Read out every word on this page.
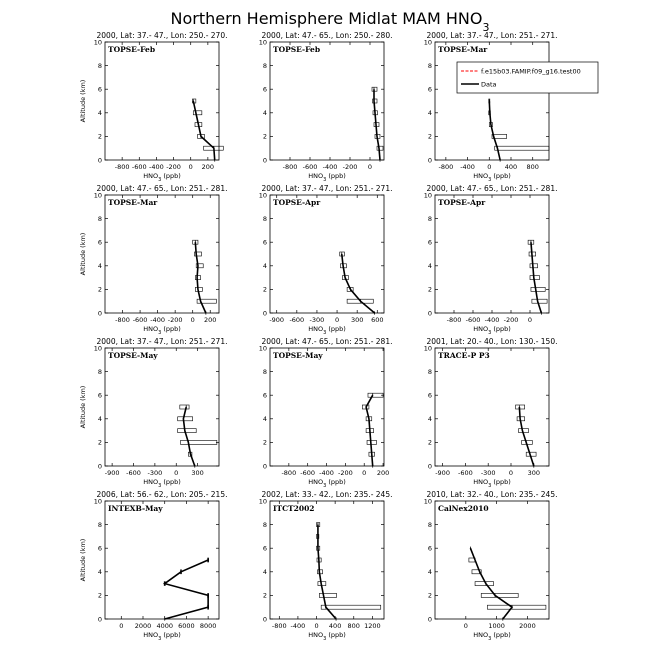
Northern Hemisphere Midlat MAM $HNO_3$
2000, Lat: 37.- 47., Lon: 250.- 270.
TOPSE-Feb
0
2
4
6
8
10
-800 -600 -400 -200 0 200
$HNO_3$ (ppb)
Altitude (km)
2000, Lat: 47.- 65., Lon: 250.- 280.
TOPSE-Feb
0
2
4
6
8
10
-800 -600 -400 -200 0
$HNO_3$ (ppb)
2000, Lat: 37.- 47., Lon: 251.- 271.
TOPSE-Mar
0
2
4
6
8
10
-800 -400 0 400 800
$HNO_3$ (ppb)
f.e15b03.FAMIP.f09_g16.test00
Data
2000, Lat: 47.- 65., Lon: 251.- 281.
TOPSE-Mar
0
2
4
6
8
10
-800 -600 -400 -200 0 200
$HNO_3$ (ppb)
Altitude (km)
2000, Lat: 37.- 47., Lon: 251.- 271.
TOPSE-Apr
0
2
4
6
8
10
-900 -600 -300 0 300 600
$HNO_3$ (ppb)
2000, Lat: 47.- 65., Lon: 251.- 281.
TOPSE-Apr
0
2
4
6
8
10
-800 -600 -400 -200 0
$HNO_3$ (ppb)
2000, Lat: 37.- 47., Lon: 251.- 271.
TOPSE-May
0
2
4
6
8
10
-900 -600 -300 0 300
$HNO_3$ (ppb)
Altitude (km)
2000, Lat: 47.- 65., Lon: 251.- 281.
TOPSE-May
0
2
4
6
8
10
-800 -600 -400 -200 0 200
$HNO_3$ (ppb)
2001, Lat: 20.- 40., Lon: 130.- 150.
TRACE-P P3
0
2
4
6
8
10
-900 -600 -300 0 300
$HNO_3$ (ppb)
2006, Lat: 56.- 62., Lon: 205.- 215.
INTEXB-May
0
2
4
6
8
10
0 2000 4000 6000 8000
$HNO_3$ (ppb)
Altitude (km)
2002, Lat: 33.- 42., Lon: 235.- 245.
ITCT2002
0
2
4
6
8
10
-800 -400 0 400 800 1200
$HNO_3$ (ppb)
2010, Lat: 32.- 40., Lon: 235.- 245.
CalNex2010
0
2
4
6
8
10
0	1000 2000
$HNO_3$ (ppb)
